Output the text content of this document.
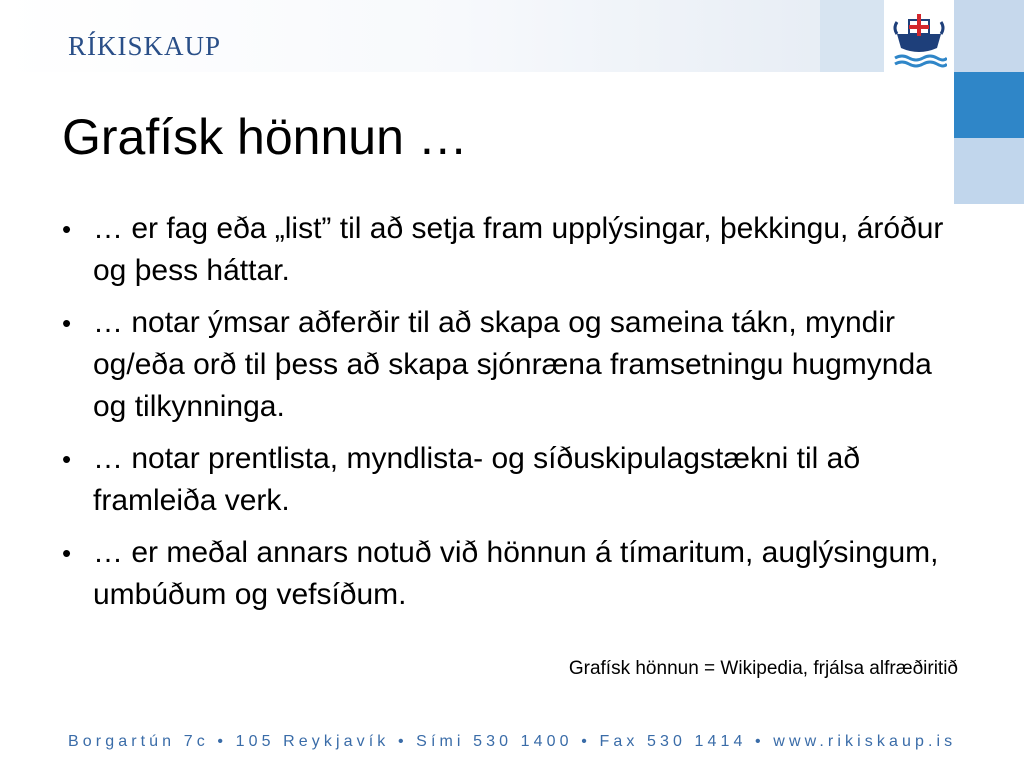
RÍKISKAUP
Grafísk hönnun …
• … er fag eða „list” til að setja fram upplýsingar, þekkingu, áróður og þess háttar.
• … notar ýmsar aðferðir til að skapa og sameina tákn, myndir og/eða orð til þess að skapa sjónræna framsetningu hugmynda og tilkynninga.
• … notar prentlista, myndlista- og síðuskipulagstækni til að framleiða verk.
• … er meðal annars notuð við hönnun á tímaritum, auglýsingum, umbúðum og vefsíðum.
Grafísk hönnun = Wikipedia, frjálsa alfræðiritið
Borgartún 7c • 105 Reykjavík • Sími 530 1400 • Fax 530 1414 • www.rikiskaup.is
